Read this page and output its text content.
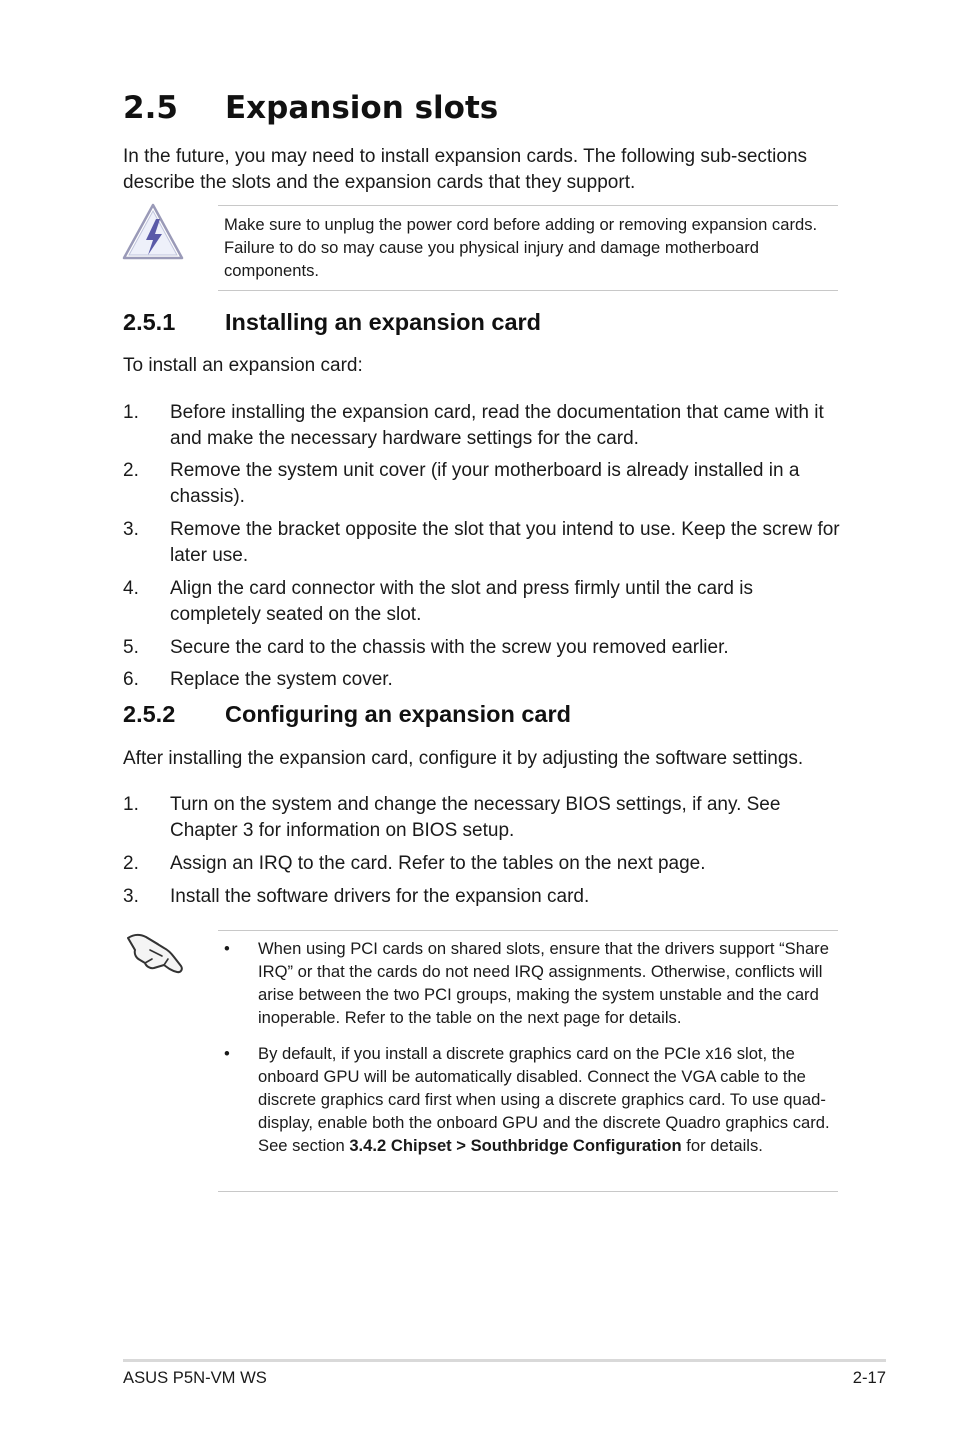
2.5 Expansion slots

In the future, you may need to install expansion cards. The following sub-sections describe the slots and the expansion cards that they support.

Make sure to unplug the power cord before adding or removing expansion cards. Failure to do so may cause you physical injury and damage motherboard components.

2.5.1 Installing an expansion card

To install an expansion card:

1. Before installing the expansion card, read the documentation that came with it and make the necessary hardware settings for the card.
2. Remove the system unit cover (if your motherboard is already installed in a chassis).
3. Remove the bracket opposite the slot that you intend to use. Keep the screw for later use.
4. Align the card connector with the slot and press firmly until the card is completely seated on the slot.
5. Secure the card to the chassis with the screw you removed earlier.
6. Replace the system cover.
2.5.2 Configuring an expansion card

After installing the expansion card, configure it by adjusting the software settings.

1. Turn on the system and change the necessary BIOS settings, if any. See Chapter 3 for information on BIOS setup.
2. Assign an IRQ to the card. Refer to the tables on the next page.
3. Install the software drivers for the expansion card.
• When using PCI cards on shared slots, ensure that the drivers support “Share IRQ” or that the cards do not need IRQ assignments. Otherwise, conflicts will arise between the two PCI groups, making the system unstable and the card inoperable. Refer to the table on the next page for details.
• By default, if you install a discrete graphics card on the PCIe x16 slot, the onboard GPU will be automatically disabled. Connect the VGA cable to the discrete graphics card first when using a discrete graphics card. To use quad-display, enable both the onboard GPU and the discrete Quadro graphics card. See section 3.4.2 Chipset > Southbridge Configuration for details.
ASUS P5N-VM WS	2-17
